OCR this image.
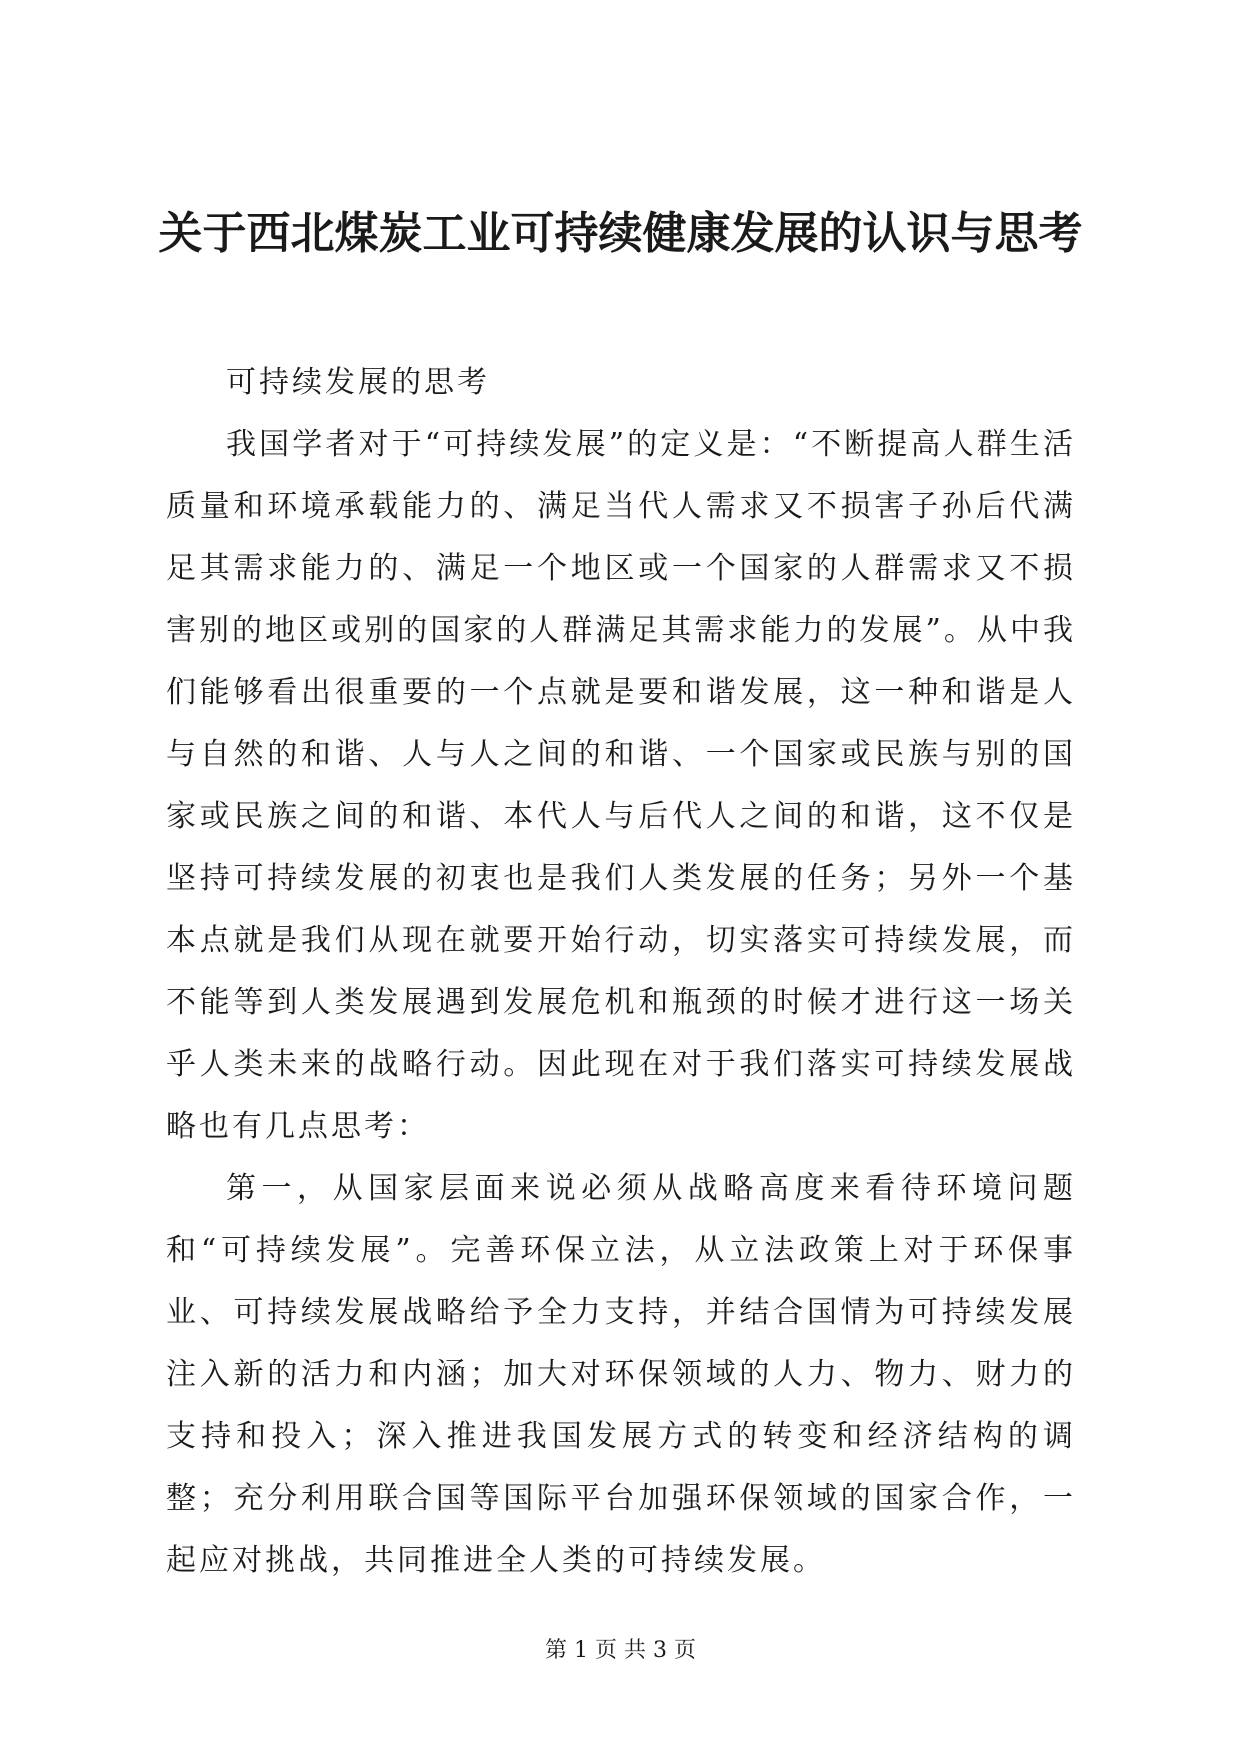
关于西北煤炭工业可持续健康发展的认识与思考

可持续发展的思考

我国学者对于“可持续发展”的定义是：“不断提高人群生活质量和环境承载能力的、满足当代人需求又不损害子孙后代满足其需求能力的、满足一个地区或一个国家的人群需求又不损害别的地区或别的国家的人群满足其需求能力的发展”。从中我们能够看出很重要的一个点就是要和谐发展，这一种和谐是人与自然的和谐、人与人之间的和谐、一个国家或民族与别的国家或民族之间的和谐、本代人与后代人之间的和谐，这不仅是坚持可持续发展的初衷也是我们人类发展的任务；另外一个基本点就是我们从现在就要开始行动，切实落实可持续发展，而不能等到人类发展遇到发展危机和瓶颈的时候才进行这一场关乎人类未来的战略行动。因此现在对于我们落实可持续发展战略也有几点思考：

第一，从国家层面来说必须从战略高度来看待环境问题和“可持续发展”。完善环保立法，从立法政策上对于环保事业、可持续发展战略给予全力支持，并结合国情为可持续发展注入新的活力和内涵；加大对环保领域的人力、物力、财力的支持和投入；深入推进我国发展方式的转变和经济结构的调整；充分利用联合国等国际平台加强环保领域的国家合作，一起应对挑战，共同推进全人类的可持续发展。

第 1 页 共 3 页
